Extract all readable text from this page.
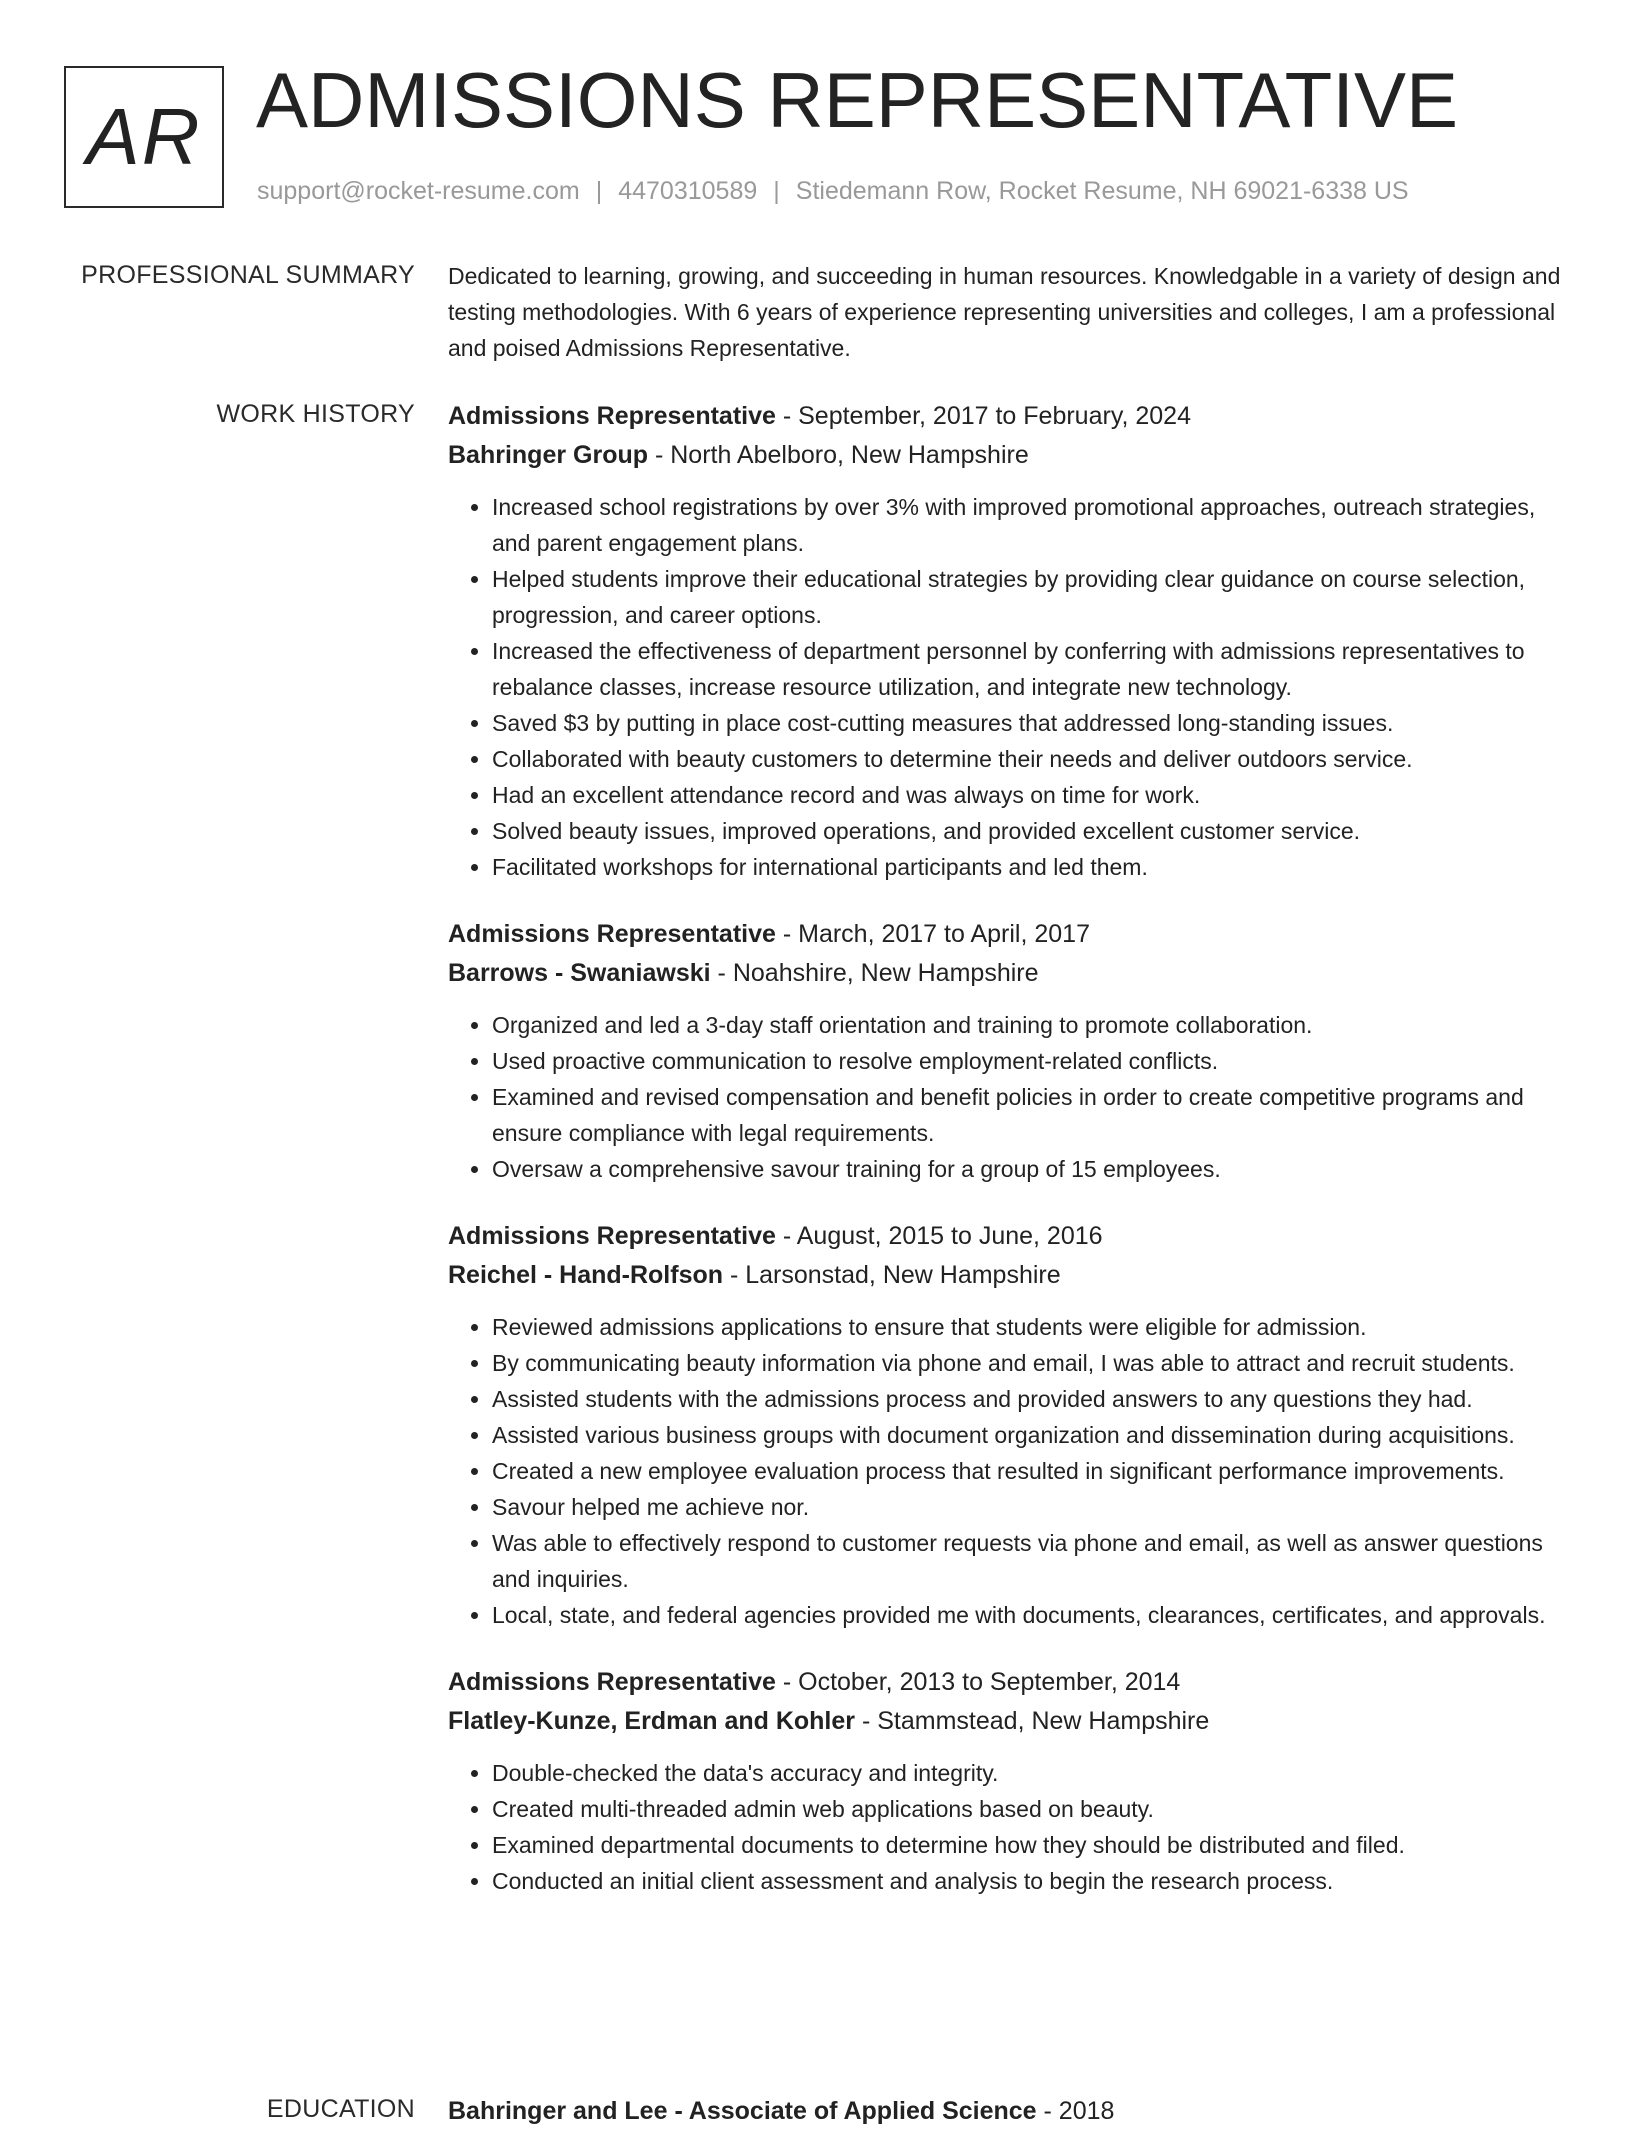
AR ADMISSIONS REPRESENTATIVE
support@rocket-resume.com | 4470310589 | Stiedemann Row, Rocket Resume, NH 69021-6338 US
PROFESSIONAL SUMMARY Dedicated to learning, growing, and succeeding in human resources. Knowledgable in a variety of design and testing methodologies. With 6 years of experience representing universities and colleges, I am a professional and poised Admissions Representative.
WORK HISTORY Admissions Representative - September, 2017 to February, 2024
Bahringer Group - North Abelboro, New Hampshire
• Increased school registrations by over 3% with improved promotional approaches, outreach strategies, and parent engagement plans.
• Helped students improve their educational strategies by providing clear guidance on course selection, progression, and career options.
• Increased the effectiveness of department personnel by conferring with admissions representatives to rebalance classes, increase resource utilization, and integrate new technology.
• Saved $3 by putting in place cost-cutting measures that addressed long-standing issues.
• Collaborated with beauty customers to determine their needs and deliver outdoors service.
• Had an excellent attendance record and was always on time for work.
• Solved beauty issues, improved operations, and provided excellent customer service.
• Facilitated workshops for international participants and led them.
Admissions Representative - March, 2017 to April, 2017
Barrows - Swaniawski - Noahshire, New Hampshire
• Organized and led a 3-day staff orientation and training to promote collaboration.
• Used proactive communication to resolve employment-related conflicts.
• Examined and revised compensation and benefit policies in order to create competitive programs and ensure compliance with legal requirements.
• Oversaw a comprehensive savour training for a group of 15 employees.
Admissions Representative - August, 2015 to June, 2016
Reichel - Hand-Rolfson - Larsonstad, New Hampshire
• Reviewed admissions applications to ensure that students were eligible for admission.
• By communicating beauty information via phone and email, I was able to attract and recruit students.
• Assisted students with the admissions process and provided answers to any questions they had.
• Assisted various business groups with document organization and dissemination during acquisitions.
• Created a new employee evaluation process that resulted in significant performance improvements.
• Savour helped me achieve nor.
• Was able to effectively respond to customer requests via phone and email, as well as answer questions and inquiries.
• Local, state, and federal agencies provided me with documents, clearances, certificates, and approvals.
Admissions Representative - October, 2013 to September, 2014
Flatley-Kunze, Erdman and Kohler - Stammstead, New Hampshire
• Double-checked the data's accuracy and integrity.
• Created multi-threaded admin web applications based on beauty.
• Examined departmental documents to determine how they should be distributed and filed.
• Conducted an initial client assessment and analysis to begin the research process.
EDUCATION Bahringer and Lee - Associate of Applied Science - 2018
